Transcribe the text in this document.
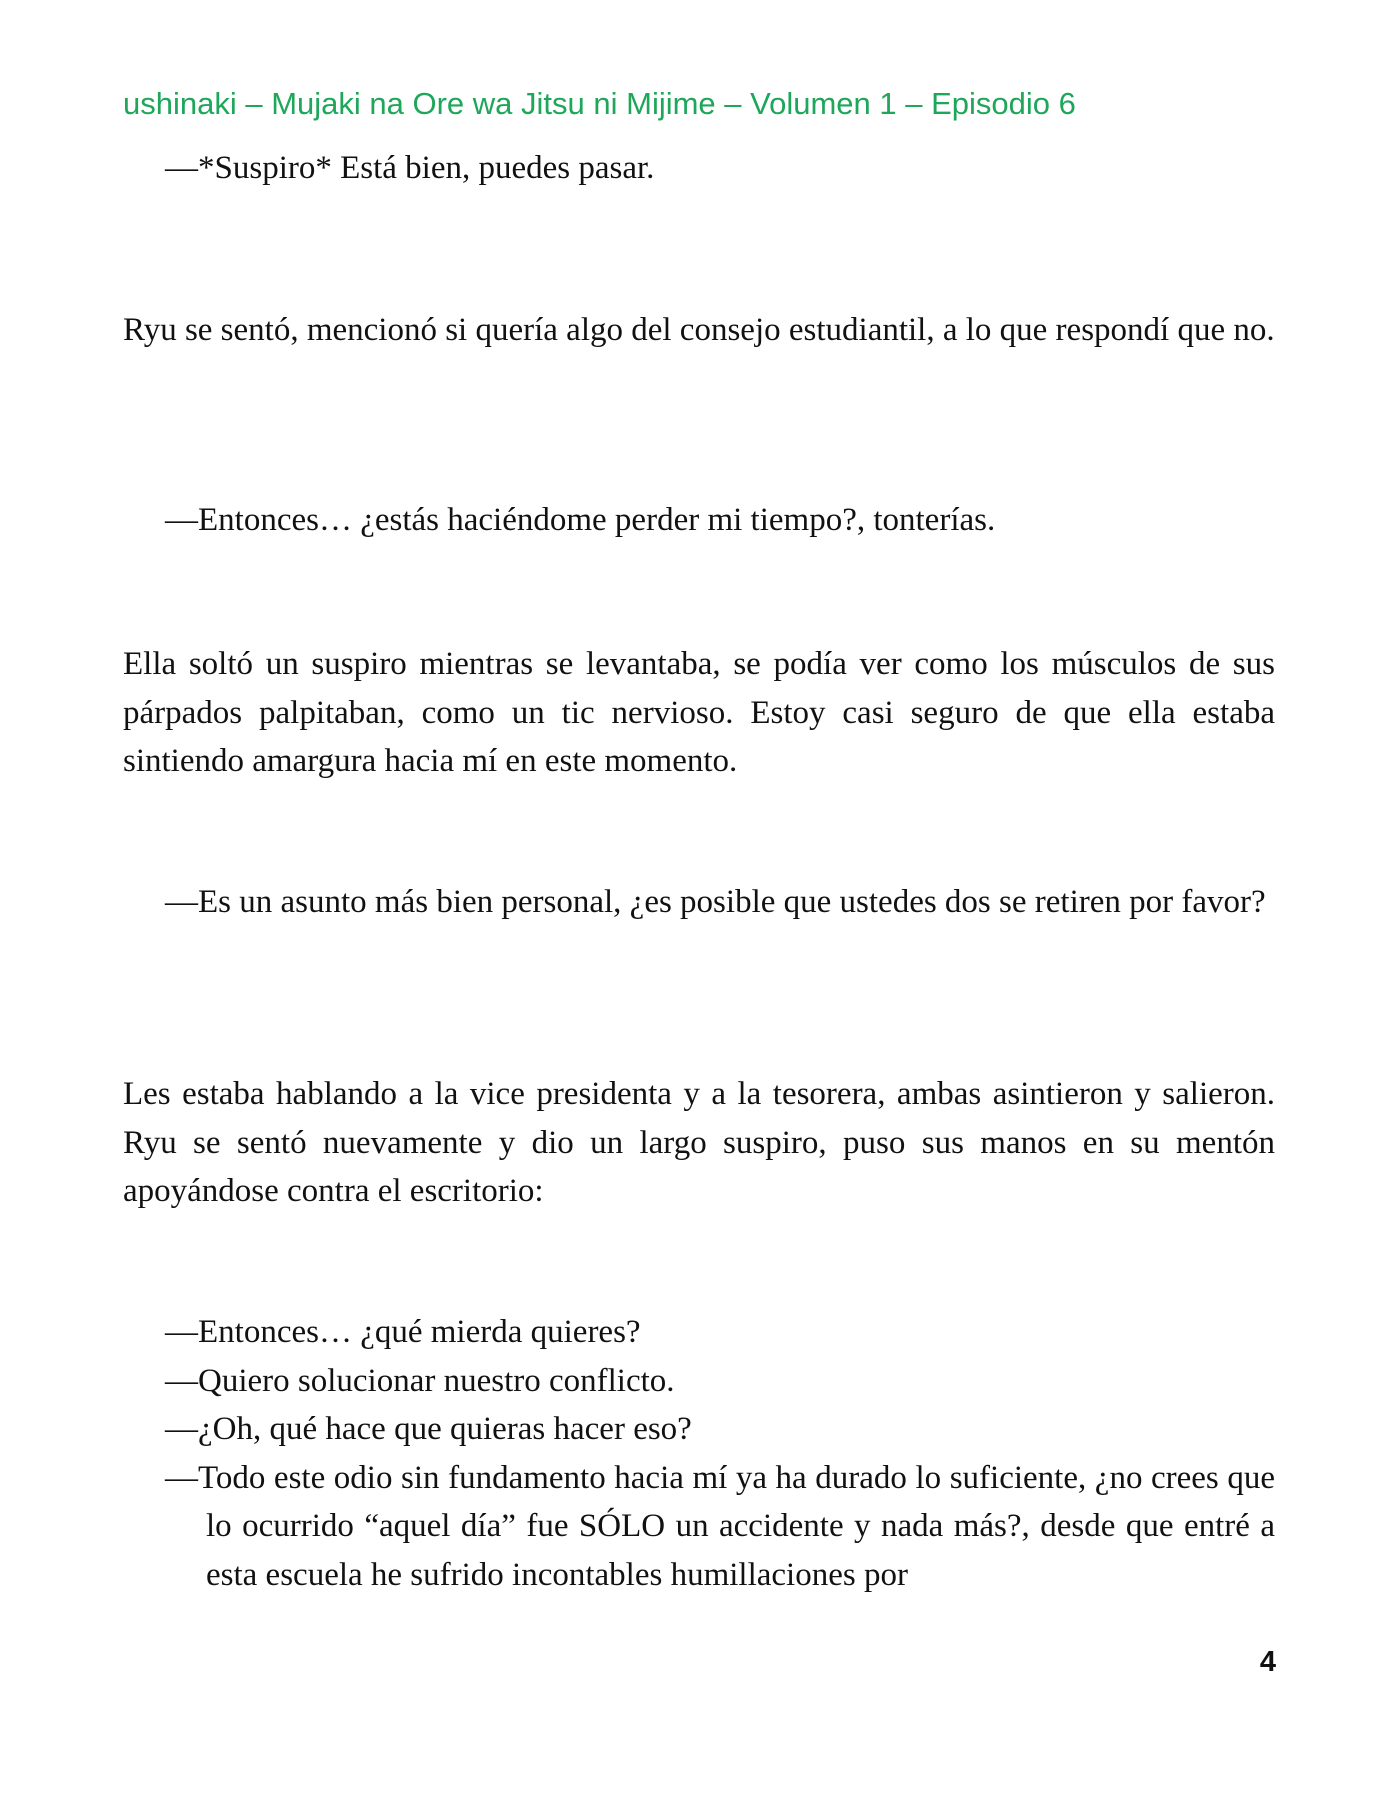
ushinaki – Mujaki na Ore wa Jitsu ni Mijime – Volumen 1 – Episodio 6
—*Suspiro* Está bien, puedes pasar.
Ryu se sentó, mencionó si quería algo del consejo estudiantil, a lo que respondí que no.
—Entonces… ¿estás haciéndome perder mi tiempo?, tonterías.
Ella soltó un suspiro mientras se levantaba, se podía ver como los músculos de sus párpados palpitaban, como un tic nervioso. Estoy casi seguro de que ella estaba sintiendo amargura hacia mí en este momento.
—Es un asunto más bien personal, ¿es posible que ustedes dos se retiren por favor?
Les estaba hablando a la vice presidenta y a la tesorera, ambas asintieron y salieron. Ryu se sentó nuevamente y dio un largo suspiro, puso sus manos en su mentón apoyándose contra el escritorio:
—Entonces… ¿qué mierda quieres?
—Quiero solucionar nuestro conflicto.
—¿Oh, qué hace que quieras hacer eso?
—Todo este odio sin fundamento hacia mí ya ha durado lo suficiente, ¿no crees que lo ocurrido “aquel día” fue SÓLO un accidente y nada más?, desde que entré a esta escuela he sufrido incontables humillaciones por
4
